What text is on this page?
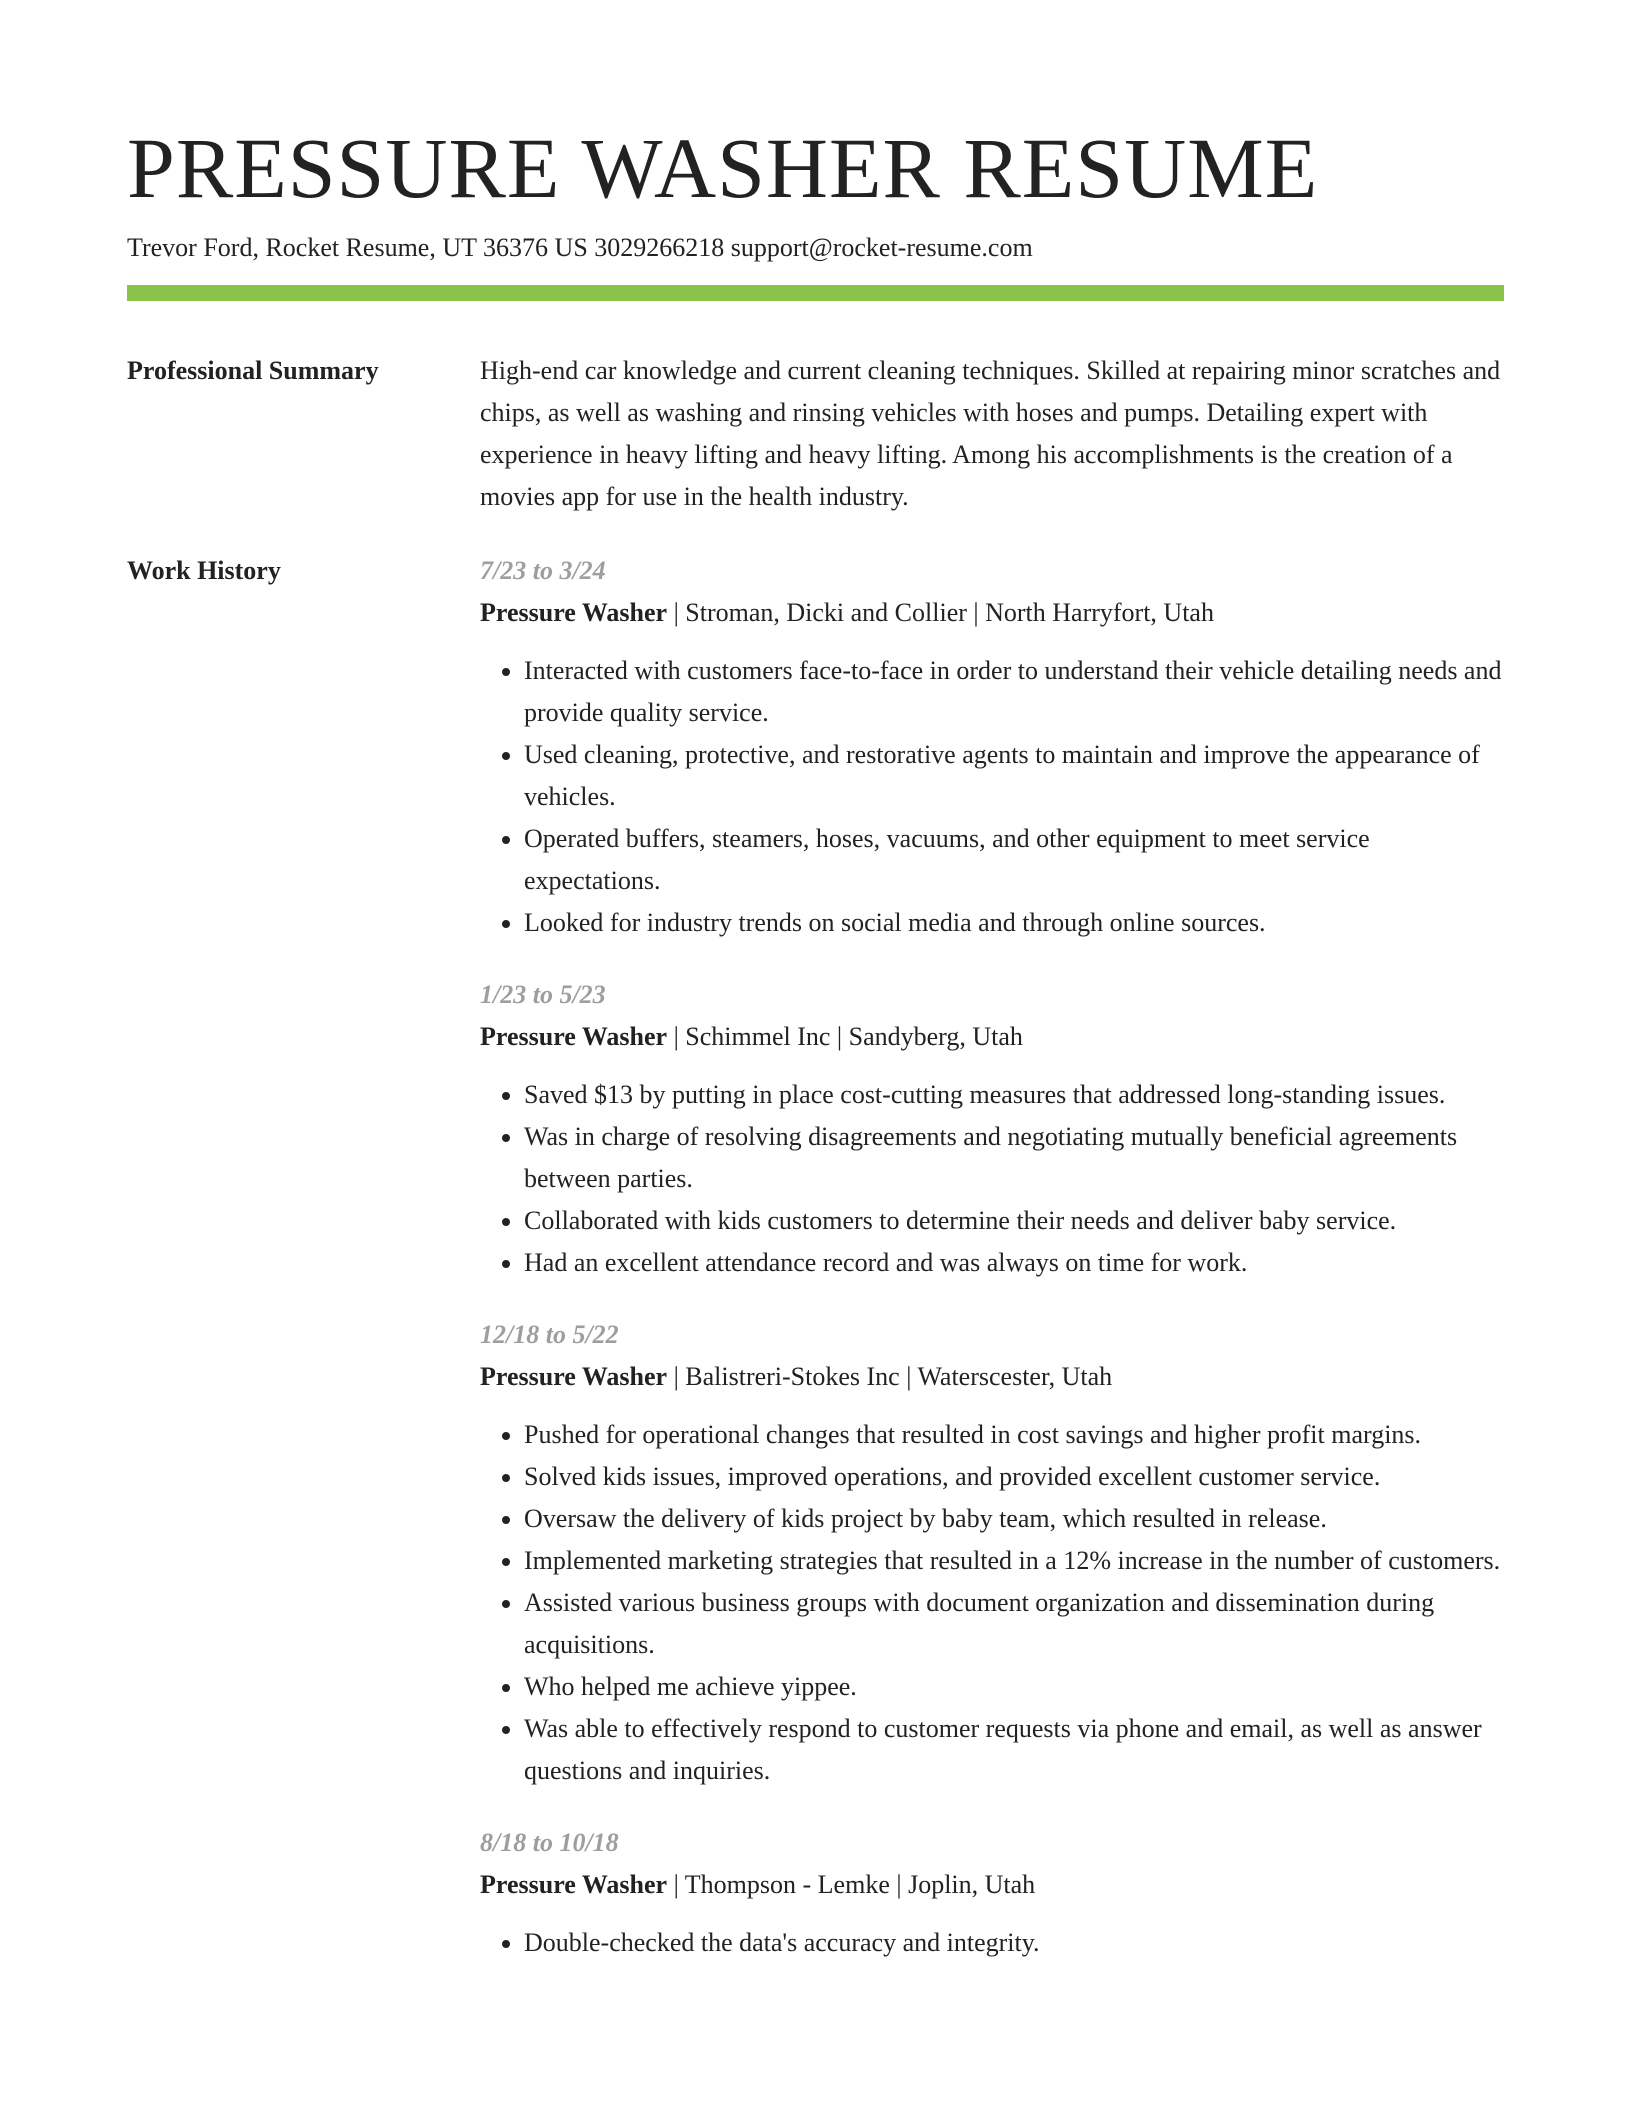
PRESSURE WASHER RESUME
Trevor Ford, Rocket Resume, UT 36376 US 3029266218 support@rocket-resume.com
Professional Summary	High-end car knowledge and current cleaning techniques. Skilled at repairing minor scratches and chips, as well as washing and rinsing vehicles with hoses and pumps. Detailing expert with experience in heavy lifting and heavy lifting. Among his accomplishments is the creation of a movies app for use in the health industry.

Work History	7/23 to 3/24
Pressure Washer | Stroman, Dicki and Collier | North Harryfort, Utah
• Interacted with customers face-to-face in order to understand their vehicle detailing needs and provide quality service.
• Used cleaning, protective, and restorative agents to maintain and improve the appearance of vehicles.
• Operated buffers, steamers, hoses, vacuums, and other equipment to meet service expectations.
• Looked for industry trends on social media and through online sources.
1/23 to 5/23
Pressure Washer | Schimmel Inc | Sandyberg, Utah
• Saved $13 by putting in place cost-cutting measures that addressed long-standing issues.
• Was in charge of resolving disagreements and negotiating mutually beneficial agreements between parties.
• Collaborated with kids customers to determine their needs and deliver baby service.
• Had an excellent attendance record and was always on time for work.
12/18 to 5/22
Pressure Washer | Balistreri-Stokes Inc | Waterscester, Utah
• Pushed for operational changes that resulted in cost savings and higher profit margins.
• Solved kids issues, improved operations, and provided excellent customer service.
• Oversaw the delivery of kids project by baby team, which resulted in release.
• Implemented marketing strategies that resulted in a 12% increase in the number of customers.
• Assisted various business groups with document organization and dissemination during acquisitions.
• Who helped me achieve yippee.
• Was able to effectively respond to customer requests via phone and email, as well as answer questions and inquiries.
8/18 to 10/18
Pressure Washer | Thompson - Lemke | Joplin, Utah
• Double-checked the data's accuracy and integrity.
